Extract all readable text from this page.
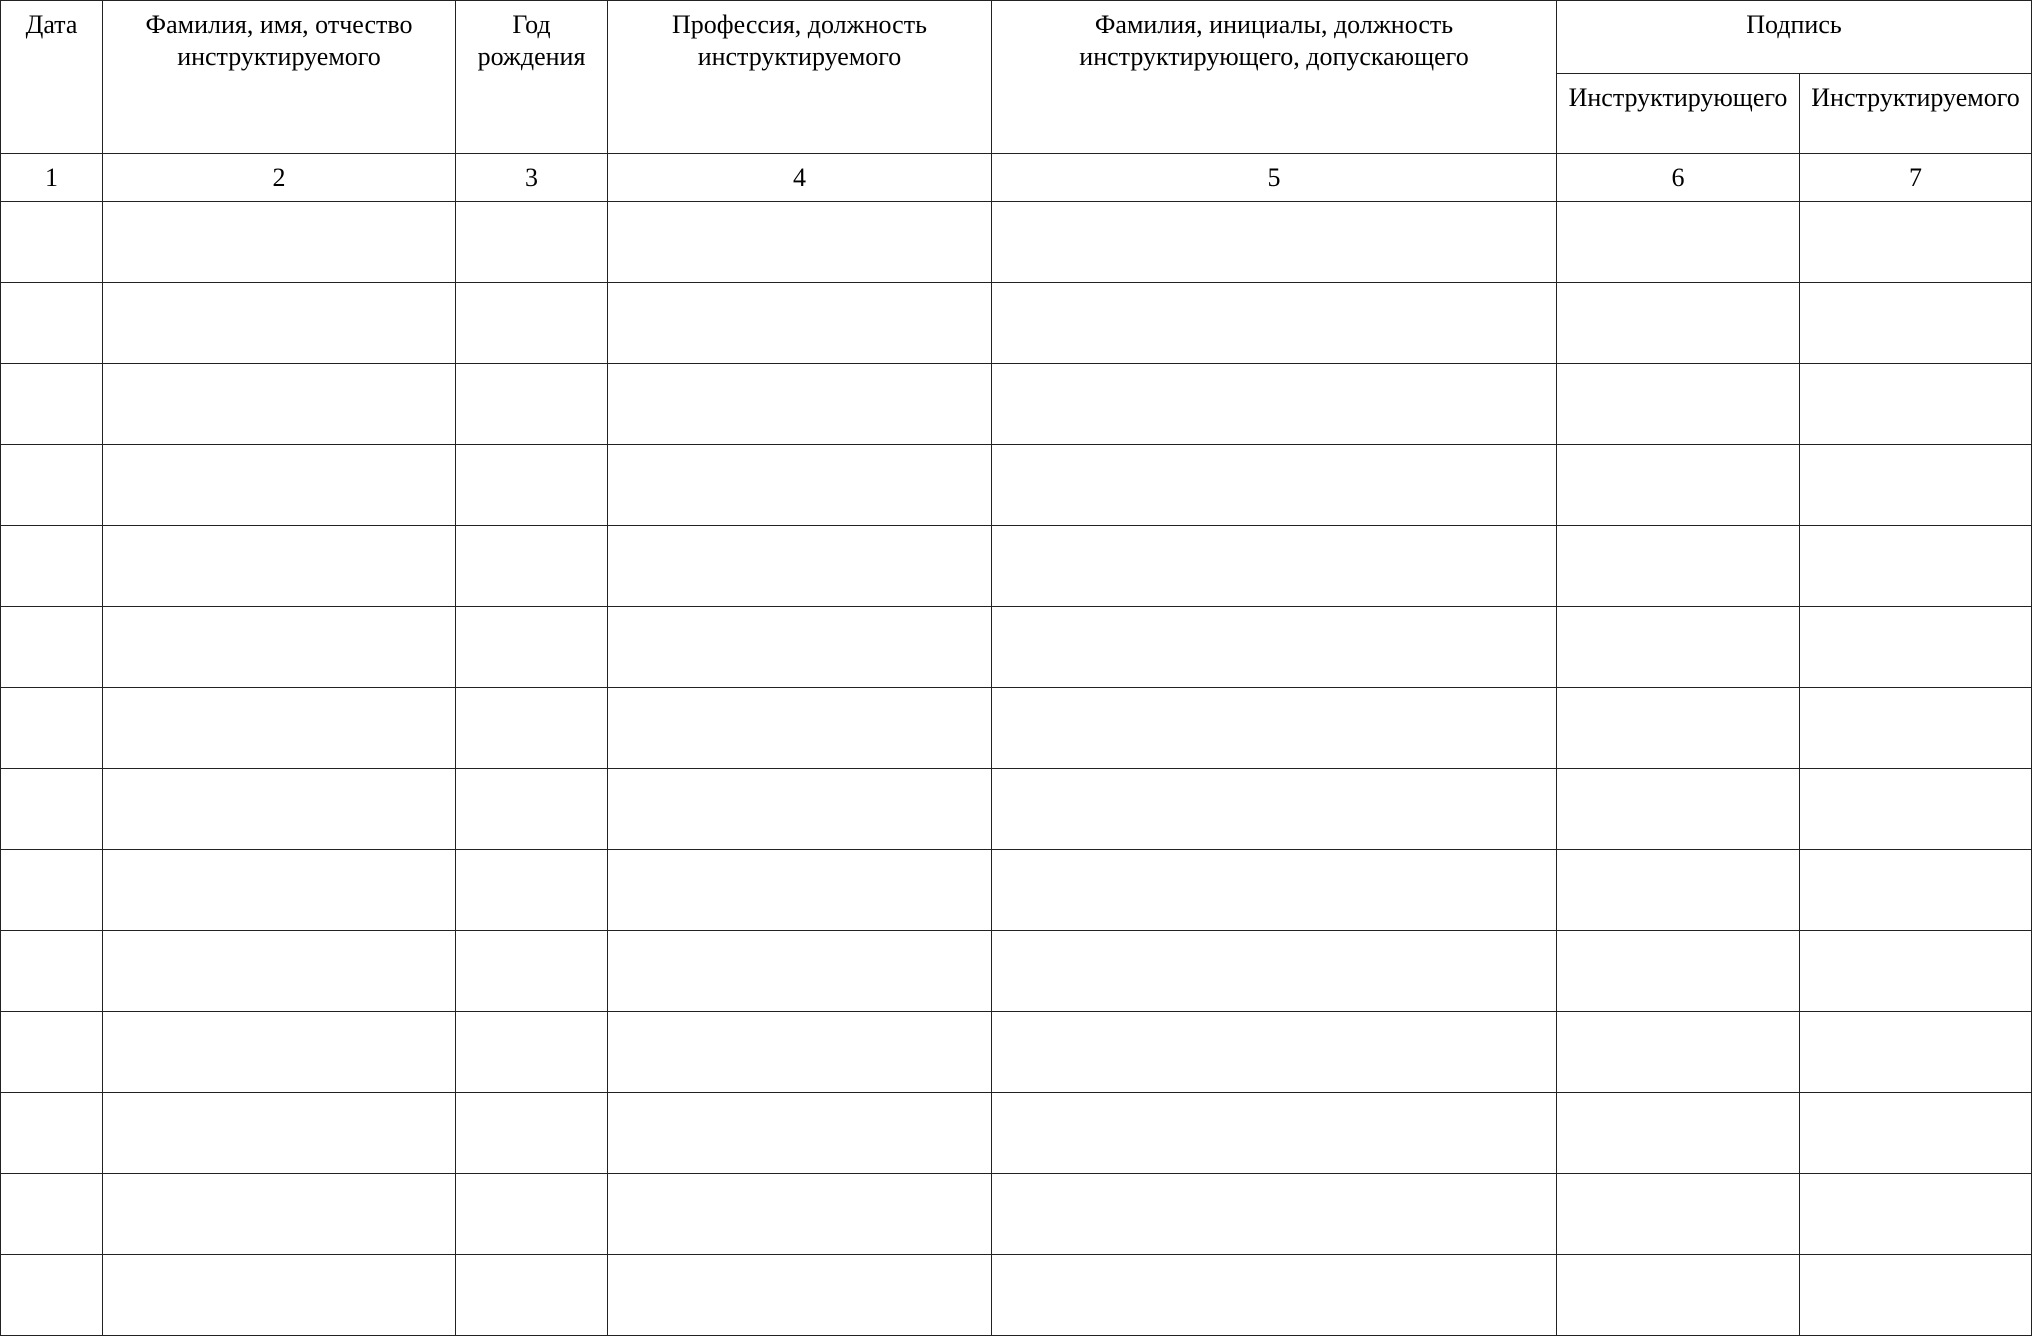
Дата	Фамилия, имя, отчество инструктируемого	Год рождения	Профессия, должность инструктируемого	Фамилия, инициалы, должность инструктирующего, допускающего	Подпись	
					Инструктирующего	Инструктируемого
1	2	3	4	5	6	7
